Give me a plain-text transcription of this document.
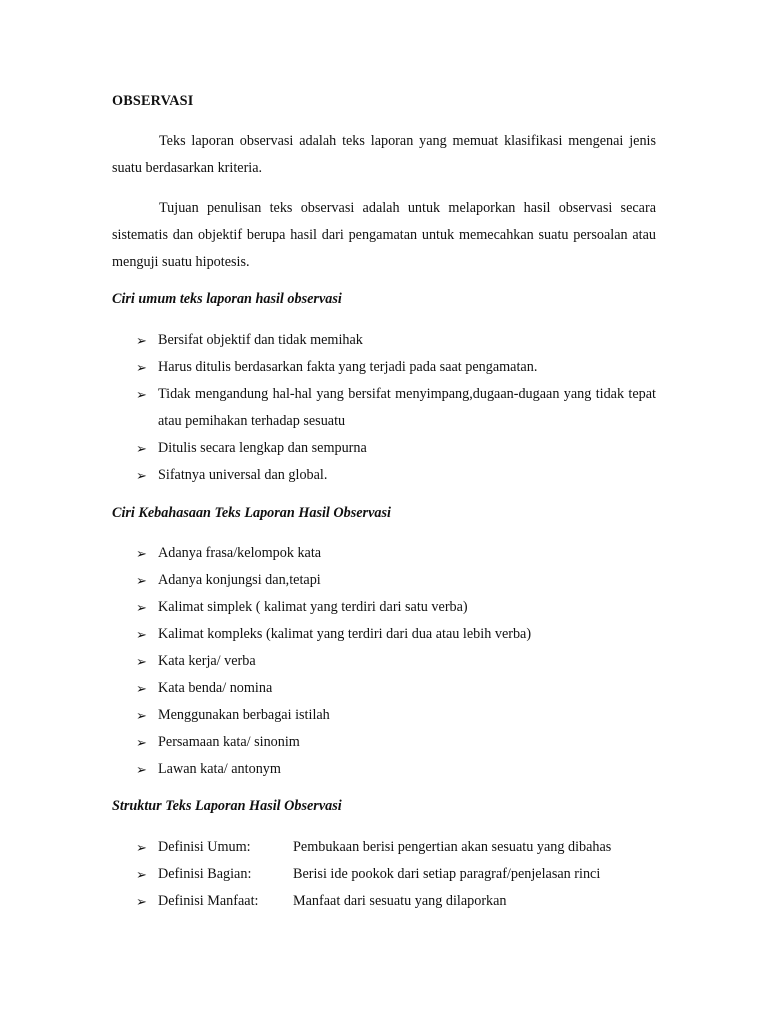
OBSERVASI

Teks laporan observasi adalah teks laporan yang memuat klasifikasi mengenai jenis suatu berdasarkan kriteria.

Tujuan penulisan teks observasi adalah untuk melaporkan hasil observasi secara sistematis dan objektif berupa hasil dari pengamatan untuk memecahkan suatu persoalan atau menguji suatu hipotesis.

Ciri umum teks laporan hasil observasi
➢ Bersifat objektif dan tidak memihak
➢ Harus ditulis berdasarkan fakta yang terjadi pada saat pengamatan.
➢ Tidak mengandung hal-hal yang bersifat menyimpang,dugaan-dugaan yang tidak tepat atau pemihakan terhadap sesuatu
➢ Ditulis secara lengkap dan sempurna
➢ Sifatnya universal dan global.
Ciri Kebahasaan Teks Laporan Hasil Observasi
➢ Adanya frasa/kelompok kata
➢ Adanya konjungsi dan,tetapi
➢ Kalimat simplek ( kalimat yang terdiri dari satu verba)
➢ Kalimat kompleks (kalimat yang terdiri dari dua atau lebih verba)
➢ Kata kerja/ verba
➢ Kata benda/ nomina
➢ Menggunakan berbagai istilah
➢ Persamaan kata/ sinonim
➢ Lawan kata/ antonym
Struktur Teks Laporan Hasil Observasi
➢ Definisi Umum:	Pembukaan berisi pengertian akan sesuatu yang dibahas
➢ Definisi Bagian:	Berisi ide pookok dari setiap paragraf/penjelasan rinci
➢ Definisi Manfaat: Manfaat dari sesuatu yang dilaporkan
